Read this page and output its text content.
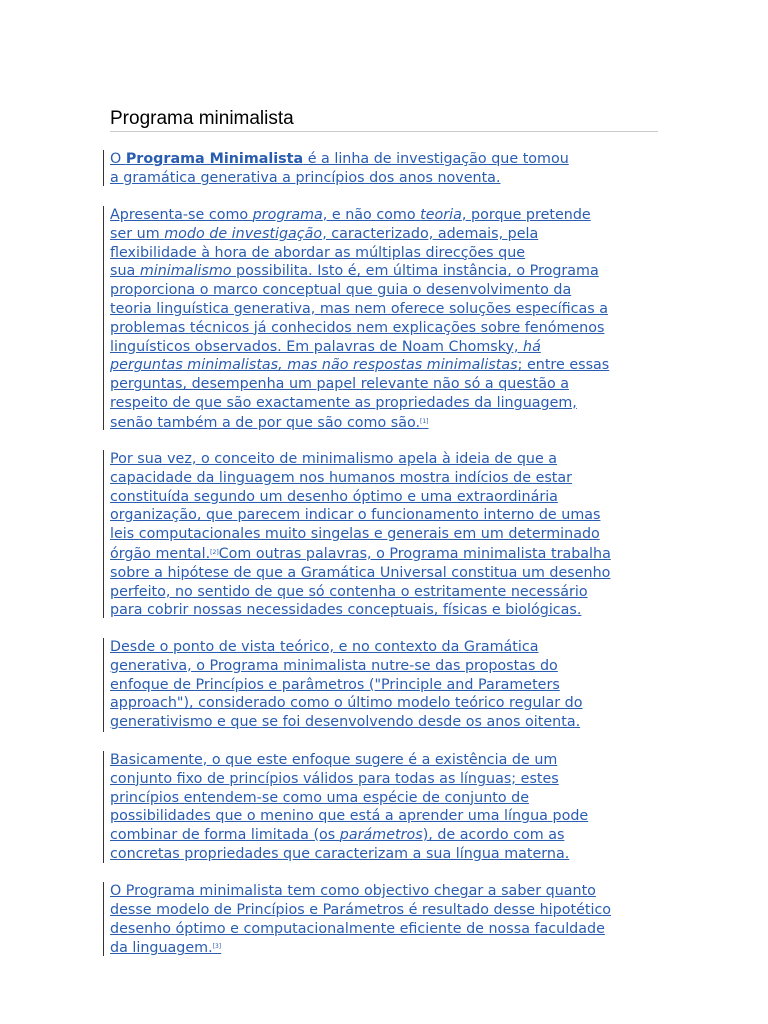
Programa minimalista

O Programa Minimalista é a linha de investigação que tomou
a gramática generativa a princípios dos anos noventa.

Apresenta-se como programa, e não como teoria, porque pretende
ser um modo de investigação, caracterizado, ademais, pela
flexibilidade à hora de abordar as múltiplas direcções que
sua minimalismo possibilita. Isto é, em última instância, o Programa
proporciona o marco conceptual que guia o desenvolvimento da
teoria linguística generativa, mas nem oferece soluções específicas a
problemas técnicos já conhecidos nem explicações sobre fenómenos
linguísticos observados. Em palavras de Noam Chomsky, há
perguntas minimalistas, mas não respostas minimalistas; entre essas
perguntas, desempenha um papel relevante não só a questão a
respeito de que são exactamente as propriedades da linguagem,
senão também a de por que são como são.[1]

Por sua vez, o conceito de minimalismo apela à ideia de que a
capacidade da linguagem nos humanos mostra indícios de estar
constituída segundo um desenho óptimo e uma extraordinária
organização, que parecem indicar o funcionamento interno de umas
leis computacionales muito singelas e generais em um determinado
órgão mental.[2]Com outras palavras, o Programa minimalista trabalha
sobre a hipótese de que a Gramática Universal constitua um desenho
perfeito, no sentido de que só contenha o estritamente necessário
para cobrir nossas necessidades conceptuais, físicas e biológicas.

Desde o ponto de vista teórico, e no contexto da Gramática
generativa, o Programa minimalista nutre-se das propostas do
enfoque de Princípios e parâmetros ("Principle and Parameters
approach"), considerado como o último modelo teórico regular do
generativismo e que se foi desenvolvendo desde os anos oitenta.

Basicamente, o que este enfoque sugere é a existência de um
conjunto fixo de princípios válidos para todas as línguas; estes
princípios entendem-se como uma espécie de conjunto de
possibilidades que o menino que está a aprender uma língua pode
combinar de forma limitada (os parámetros), de acordo com as
concretas propriedades que caracterizam a sua língua materna.

O Programa minimalista tem como objectivo chegar a saber quanto
desse modelo de Princípios e Parámetros é resultado desse hipotético
desenho óptimo e computacionalmente eficiente de nossa faculdade
da linguagem.[3]
